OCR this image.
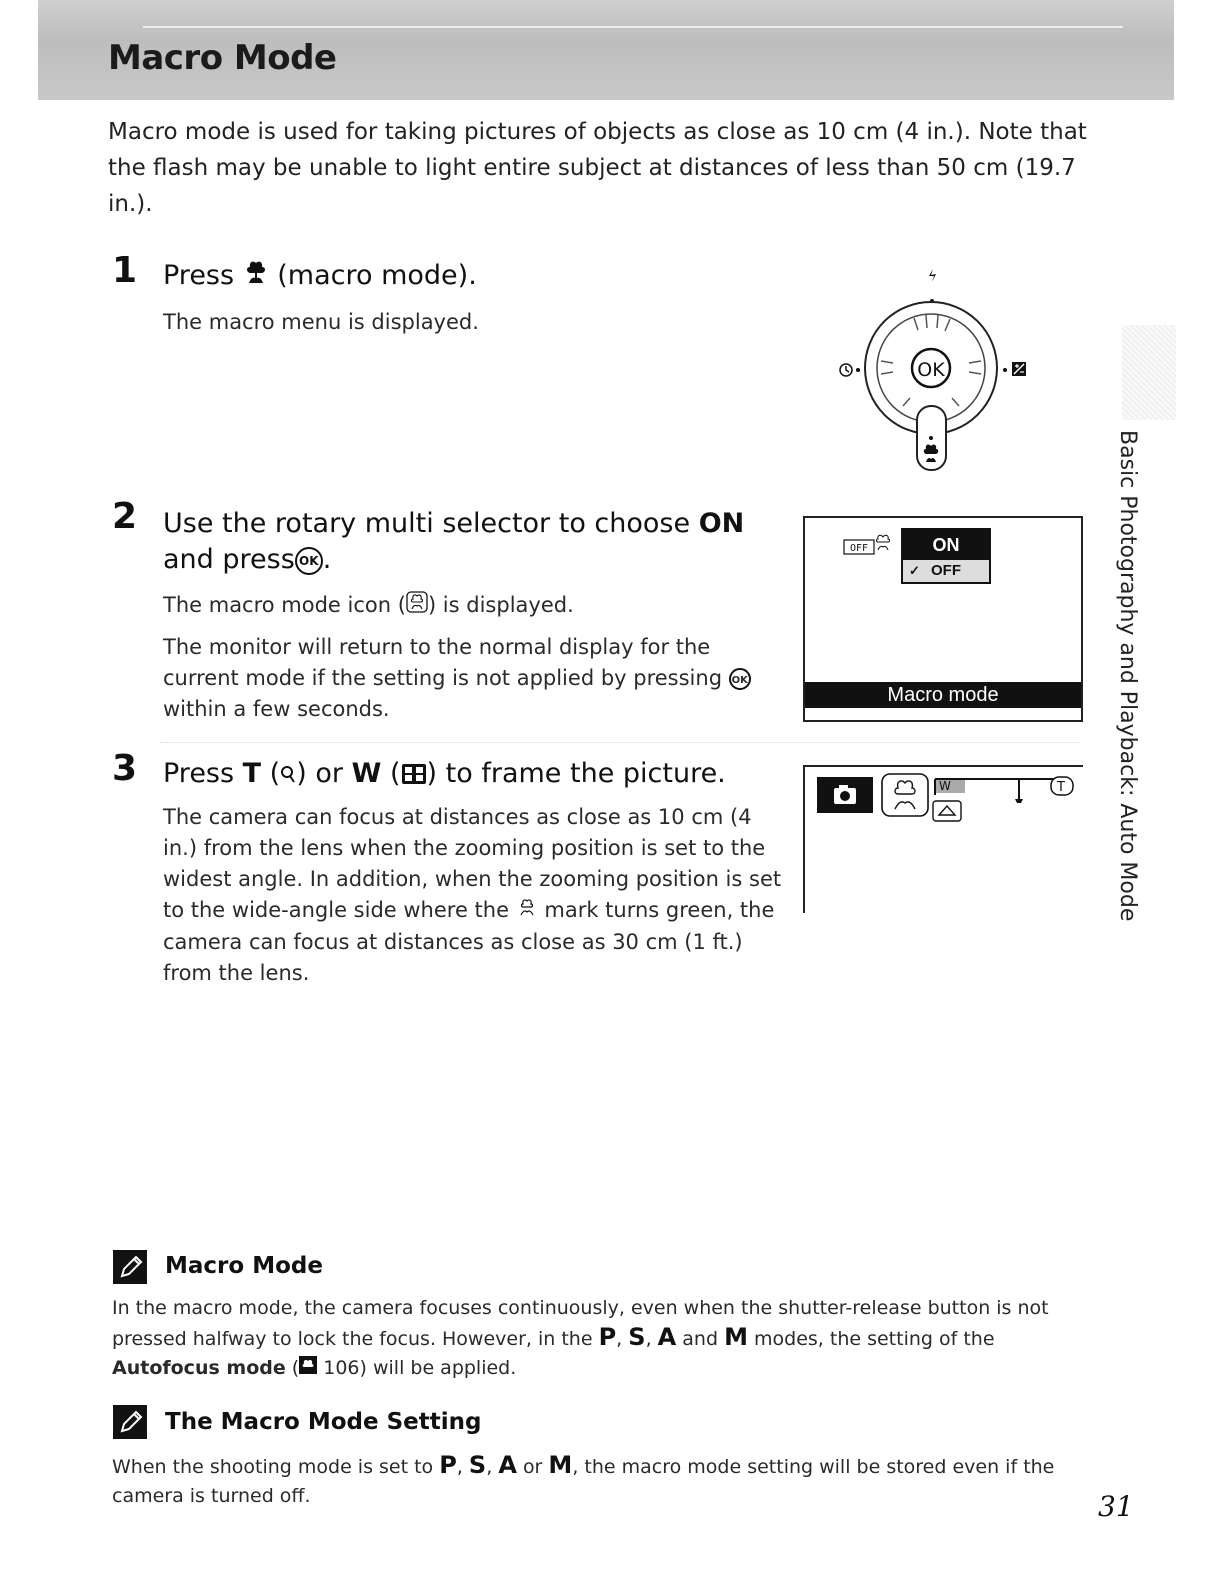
Macro Mode

Macro mode is used for taking pictures of objects as close as 10 cm (4 in.). Note that the flash may be unable to light entire subject at distances of less than 50 cm (19.7 in.).

1 Press (macro mode).

The macro menu is displayed.

OK
2 Use the rotary multi selector to choose ON and press OK .

The macro mode icon ( ) is displayed.

The monitor will return to the normal display for the current mode if the setting is not applied by pressing OK within a few seconds.

OFF	ON
✓ OFF
Macro mode
3 Press T ( ) or W ( ) to frame the picture.

The camera can focus at distances as close as 10 cm (4 in.) from the lens when the zooming position is set to the widest angle. In addition, when the zooming position is set to the wide-angle side where the mark turns green, the camera can focus at distances as close as 30 cm (1 ft.) from the lens.

W	T Basic Photography and Playback: Auto Mode
Macro Mode

In the macro mode, the camera focuses continuously, even when the shutter-release button is not pressed halfway to lock the focus. However, in the P, S, A and M modes, the setting of the Autofocus mode ( 106) will be applied.

The Macro Mode Setting

When the shooting mode is set to P, S, A or M, the macro mode setting will be stored even if the camera is turned off.	31
